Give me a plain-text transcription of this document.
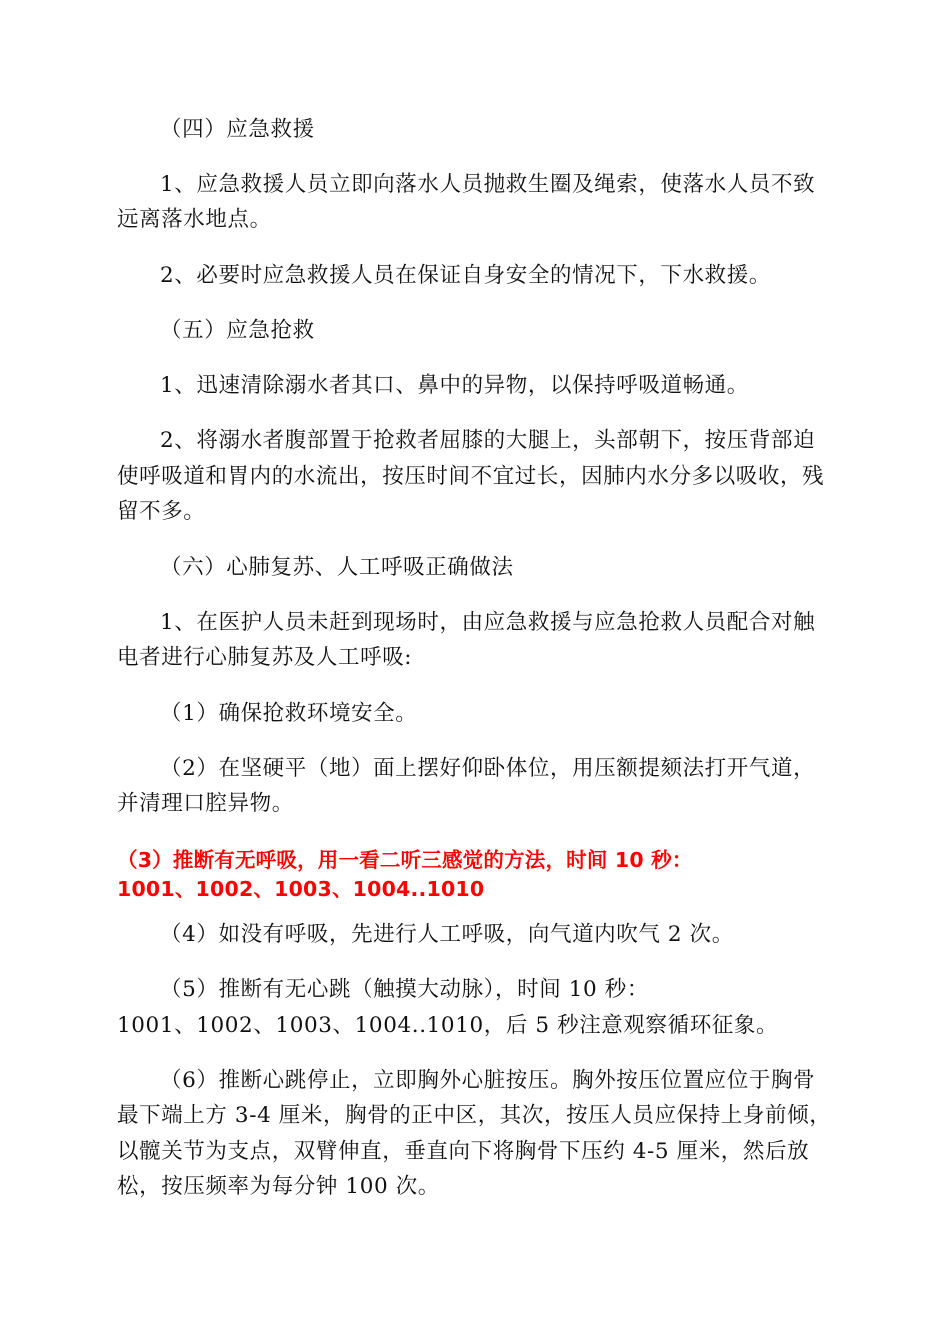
（四）应急救援
1、应急救援人员立即向落水人员抛救生圈及绳索，使落水人员不致
远离落水地点。
2、必要时应急救援人员在保证自身安全的情况下，下水救援。
（五）应急抢救
1、迅速清除溺水者其口、鼻中的异物，以保持呼吸道畅通。
2、将溺水者腹部置于抢救者屈膝的大腿上，头部朝下，按压背部迫
使呼吸道和胃内的水流出，按压时间不宜过长，因肺内水分多以吸收，残
留不多。
（六）心肺复苏、人工呼吸正确做法
1、在医护人员未赶到现场时，由应急救援与应急抢救人员配合对触
电者进行心肺复苏及人工呼吸:
（1）确保抢救环境安全。
（2）在坚硬平（地）面上摆好仰卧体位，用压额提颏法打开气道，
并清理口腔异物。
（3）推断有无呼吸，用一看二听三感觉的方法，时间 10 秒：
1001、1002、1003、1004..1010
（4）如没有呼吸，先进行人工呼吸，向气道内吹气 2 次。
（5）推断有无心跳（触摸大动脉），时间 10 秒：
1001、1002、1003、1004..1010，后 5 秒注意观察循环征象。
（6）推断心跳停止，立即胸外心脏按压。胸外按压位置应位于胸骨
最下端上方 3-4 厘米，胸骨的正中区，其次，按压人员应保持上身前倾，
以髋关节为支点，双臂伸直，垂直向下将胸骨下压约 4-5 厘米，然后放
松，按压频率为每分钟 100 次。
